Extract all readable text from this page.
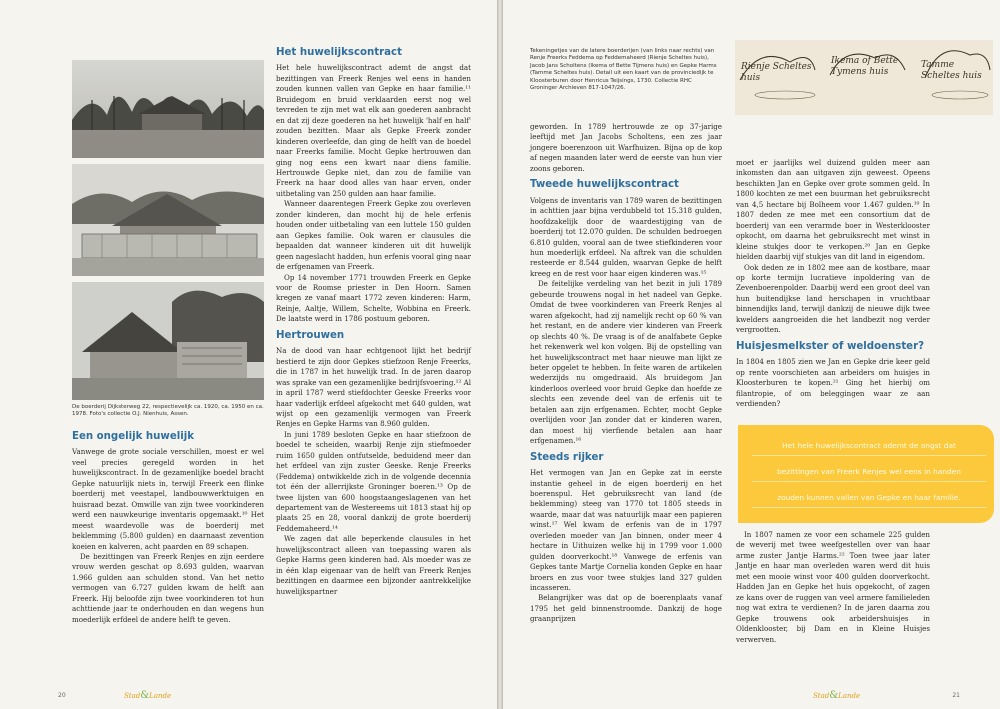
De boerderij Dijksterweg 22, respectievelijk ca. 1920, ca. 1950 en ca. 1978. Foto's collectie O.J. Nienhuis, Assen.
Een ongelijk huwelijk

Vanwege de grote sociale verschillen, moest er wel veel precies geregeld worden in het huwelijkscontract. In de gezamenlijke boedel bracht Gepke natuurlijk niets in, terwijl Freerk een flinke boerderij met veestapel, landbouwwerktuigen en huisraad bezat. Omwille van zijn twee voorkinderen werd een nauwkeurige inventaris opgemaakt.¹⁰ Het meest waardevolle was de boerderij met beklemming (5.800 gulden) en daarnaast zevention koeien en kalveren, acht paarden en 89 schapen.

De bezittingen van Freerk Renjes en zijn eerdere vrouw werden geschat op 8.693 gulden, waarvan 1.966 gulden aan schulden stond. Van het netto vermogen van 6.727 gulden kwam de helft aan Freerk. Hij beloofde zijn twee voorkinderen tot hun achttiende jaar te onderhouden en dan wegens hun moederlijk erfdeel de andere helft te geven.

Het huwelijkscontract

Het hele huwelijkscontract ademt de angst dat bezittingen van Freerk Renjes wel eens in handen zouden kunnen vallen van Gepke en haar familie.¹¹ Bruidegom en bruid verklaarden eerst nog wel tevreden te zijn met wat elk aan goederen aanbracht en dat zij deze goederen na het huwelijk 'half en half' zouden bezitten. Maar als Gepke Freerk zonder kinderen overleefde, dan ging de helft van de boedel naar Freerks familie. Mocht Gepke hertrouwen dan ging nog eens een kwart naar diens familie. Hertrouwde Gepke niet, dan zou de familie van Freerk na haar dood alles van haar erven, onder uitbetaling van 250 gulden aan haar familie.

Wanneer daarentegen Freerk Gepke zou overleven zonder kinderen, dan mocht hij de hele erfenis houden onder uitbetaling van een luttele 150 gulden aan Gepkes familie. Ook waren er clausules die bepaalden dat wanneer kinderen uit dit huwelijk geen nageslacht hadden, hun erfenis vooral ging naar de erfgenamen van Freerk.

Op 14 november 1771 trouwden Freerk en Gepke voor de Roomse priester in Den Hoorn. Samen kregen ze vanaf maart 1772 zeven kinderen: Harm, Reinje, Aaltje, Willem, Schelte, Wobbina en Freerk. De laatste werd in 1786 postuum geboren.

Hertrouwen

Na de dood van haar echtgenoot lijkt het bedrijf bestierd te zijn door Gepkes stiefzoon Renje Freerks, die in 1787 in het huwelijk trad. In de jaren daarop was sprake van een gezamenlijke bedrijfsvoering.¹² Al in april 1787 werd stiefdochter Geeske Freerks voor haar vaderlijk erfdeel afgekocht met 640 gulden, wat wijst op een gezamenlijk vermogen van Freerk Renjes en Gepke Harms van 8.960 gulden.

In juni 1789 besloten Gepke en haar stiefzoon de boedel te scheiden, waarbij Renje zijn stiefmoeder ruim 1650 gulden ontfutselde, beduidend meer dan het erfdeel van zijn zuster Geeske. Renje Freerks (Feddema) ontwikkelde zich in de volgende decennia tot één der allerrijkste Groninger boeren.¹³ Op de twee lijsten van 600 hoogstaangeslagenen van het departement van de Westereems uit 1813 staat hij op plaats 25 en 28, vooral dankzij de grote boerderij Feddemaheerd.¹⁴

We zagen dat alle beperkende clausules in het huwelijkscontract alleen van toepassing waren als Gepke Harms geen kinderen had. Als moeder was ze in één klap eigenaar van de helft van Freerk Renjes bezittingen en daarmee een bijzonder aantrekkelijke huwelijkspartner

20	Stad&Lande
Tekeningetjes van de latere boerderijen (van links naar rechts) van Renje Freerks Feddema op Feddemaheerd (Rienje Scheltes huis), Jacob Jans Scholtens (Ikema of Bette Tijmens huis) en Gepke Harms (Tamme Scheltes huis). Detail uit een kaart van de provinciedijk te Kloosterburen door Henricus Teijsings, 1730. Collectie RHC Groninger Archieven 817-1047/26.

geworden. In 1789 hertrouwde ze op 37-jarige leeftijd met Jan Jacobs Scholtens, een zes jaar jongere boerenzoon uit Warfhuizen. Bijna op de kop af negen maanden later werd de eerste van hun vier zoons geboren.

Tweede huwelijkscontract

Volgens de inventaris van 1789 waren de bezittingen in achttien jaar bijna verdubbeld tot 15.318 gulden, hoofdzakelijk door de waardestijging van de boerderij tot 12.070 gulden. De schulden bedroegen 6.810 gulden, vooral aan de twee stiefkinderen voor hun moederlijk erfdeel. Na aftrek van die schulden resteerde er 8.544 gulden, waarvan Gepke de helft kreeg en de rest voor haar eigen kinderen was.¹⁵

De feitelijke verdeling van het bezit in juli 1789 gebeurde trouwens nogal in het nadeel van Gepke. Omdat de twee voorkinderen van Freerk Renjes al waren afgekocht, had zij namelijk recht op 60 % van het restant, en de andere vier kinderen van Freerk op slechts 40 %. De vraag is of de analfabete Gepke het rekenwerk wel kon volgen. Bij de opstelling van het huwelijkscontract met haar nieuwe man lijkt ze beter opgelet te hebben. In feite waren de artikelen wederzijds nu omgedraaid. Als bruidegom Jan kinderloos overleed voor bruid Gepke dan hoefde ze slechts een zevende deel van de erfenis uit te betalen aan zijn erfgenamen. Echter, mocht Gepke overlijden voor Jan zonder dat er kinderen waren, dan moest hij vierfiende betalen aan haar erfgenamen.¹⁶

Steeds rijker

Het vermogen van Jan en Gepke zat in eerste instantie geheel in de eigen boerderij en het boerenspul. Het gebruiksrecht van land (de beklemming) steeg van 1770 tot 1805 steeds in waarde, maar dat was natuurlijk maar een papieren winst.¹⁷ Wel kwam de erfenis van de in 1797 overleden moeder van Jan binnen, onder meer 4 hectare in Uithuizen welke hij in 1799 voor 1.000 gulden doorverkocht.¹⁸ Vanwege de erfenis van Gepkes tante Martje Cornelia konden Gepke en haar broers en zus voor twee stukjes land 327 gulden incasseren.

Belangrijker was dat op de boerenplaats vanaf 1795 het geld binnenstroomde. Dankzij de hoge graanprijzen

moet er jaarlijks wel duizend gulden meer aan inkomsten dan aan uitgaven zijn geweest. Opeens beschikten Jan en Gepke over grote sommen geld. In 1800 kochten ze met een buurman het gebruiksrecht van 4,5 hectare bij Bolheem voor 1.467 gulden.¹⁹ In 1807 deden ze mee met een consortium dat de boerderij van een verarmde boer in Westerklooster opkocht, om daarna het gebruiksrecht met winst in kleine stukjes door te verkopen.²⁰ Jan en Gepke hielden daarbij vijf stukjes van dit land in eigendom.

Ook deden ze in 1802 mee aan de kostbare, maar op korte termijn lucratieve inpoldering van de Zevenboerenpolder. Daarbij werd een groot deel van hun buitendijkse land herschapen in vruchtbaar binnendijks land, terwijl dankzij de nieuwe dijk twee kwelders aangroeiden die het landbezit nog verder vergrootten.

Huisjesmelkster of weldoenster?

In 1804 en 1805 zien we Jan en Gepke drie keer geld op rente voorschieten aan arbeiders om huisjes in Kloosterburen te kopen.²¹ Ging het hierbij om filantropie, of om beleggingen waar ze aan verdienden?

In 1807 namen ze voor een schamele 225 gulden de weverij met twee weefgestellen over van haar arme zuster Jantje Harms.²² Toen twee jaar later Jantje en haar man overleden waren werd dit huis met een mooie winst voor 400 gulden doorverkocht. Hadden Jan en Gepke het huis opgekocht, of zagen ze kans over de ruggen van veel armere familieleden nog wat extra te verdienen? In de jaren daarna zou Gepke trouwens ook arbeidershuisjes in Oldenklooster, bij Dam en in Kleine Huisjes verwerven.

21
Stad&Lande
Rienje Scheltes huis
Ikema of Bette Tymens huis
Tamme Scheltes huis
Het hele huwelijkscontract ademt de angst dat
bezittingen van Freerk Renjes wel eens in handen
zouden kunnen vallen van Gepke en haar familie.
